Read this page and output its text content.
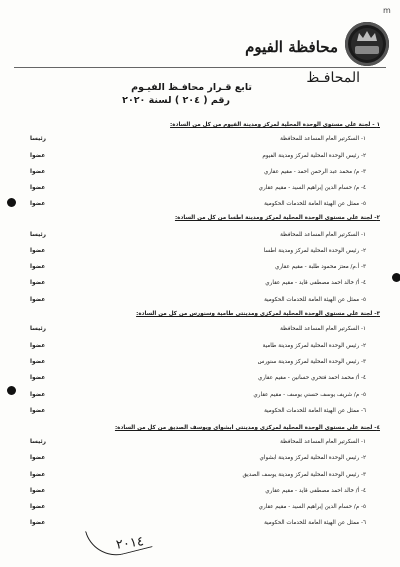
m
محافظة الفيوم
المحافـظ
تابع قـرار محافـظ الفيـوم
رقم ( ٢٠٤ ) لسنة ٢٠٢٠
١ - لجنة على مستوى الوحدة المحلية لمركز ومدينة الفيوم من كل من السادة:
١- السكرتير العام المساعد للمحافظة
رئيسا
٢- رئيس الوحدة المحلية لمركز ومدينة الفيوم
عضوا
٣- م/ محمد عبد الرحمن احمد - مقيم عقاري
عضوا
٤- م/ حسام الدين إبراهيم السيد - مقيم عقاري
عضوا
٥- ممثل عن الهيئة العامة للخدمات الحكومية
عضوا
٢- لجنة على مستوى الوحدة المحلية لمركز ومدينة اطسا من كل من السادة:
١- السكرتير العام المساعد للمحافظة
رئيسا
٢- رئيس الوحدة المحلية لمركز ومدينة اطسا
عضوا
٣- أ.م/ معتز محمود طلبة - مقيم عقاري
عضوا
٤- أ/ خالد احمد مصطفى قايد - مقيم عقاري
عضوا
٥- ممثل عن الهيئة العامة للخدمات الحكومية
عضوا
٣- لجنة على مستوى الوحدة المحلية لمركزي ومدينتي طامية وسنورس من كل من السادة:
١- السكرتير العام المساعد للمحافظة
رئيسا
٢- رئيس الوحدة المحلية لمركز ومدينة طامية
عضوا
٣- رئيس الوحدة المحلية لمركز ومدينة سنورس
عضوا
٤- أ/ محمد احمد فتحري حسانين - مقيم عقاري
عضوا
٥- م/ شريف يوسف حسني يوسف - مقيم عقاري
عضوا
٦- ممثل عن الهيئة العامة للخدمات الحكومية
عضوا
٤- لجنة على مستوى الوحدة المحلية لمركزي ومدينتي ابشواي ويوسف الصديق من كل من السادة:
١- السكرتير العام المساعد للمحافظة
رئيسا
٢- رئيس الوحدة المحلية لمركز ومدينة ابشواي
عضوا
٣- رئيس الوحدة المحلية لمركز ومدينة يوسف الصديق
عضوا
٤- أ/ خالد احمد مصطفى قايد - مقيم عقاري
عضوا
٥- م/ حسام الدين إبراهيم السيد - مقيم عقاري
عضوا
٦- ممثل عن الهيئة العامة للخدمات الحكومية
عضوا
٢٠١٤
